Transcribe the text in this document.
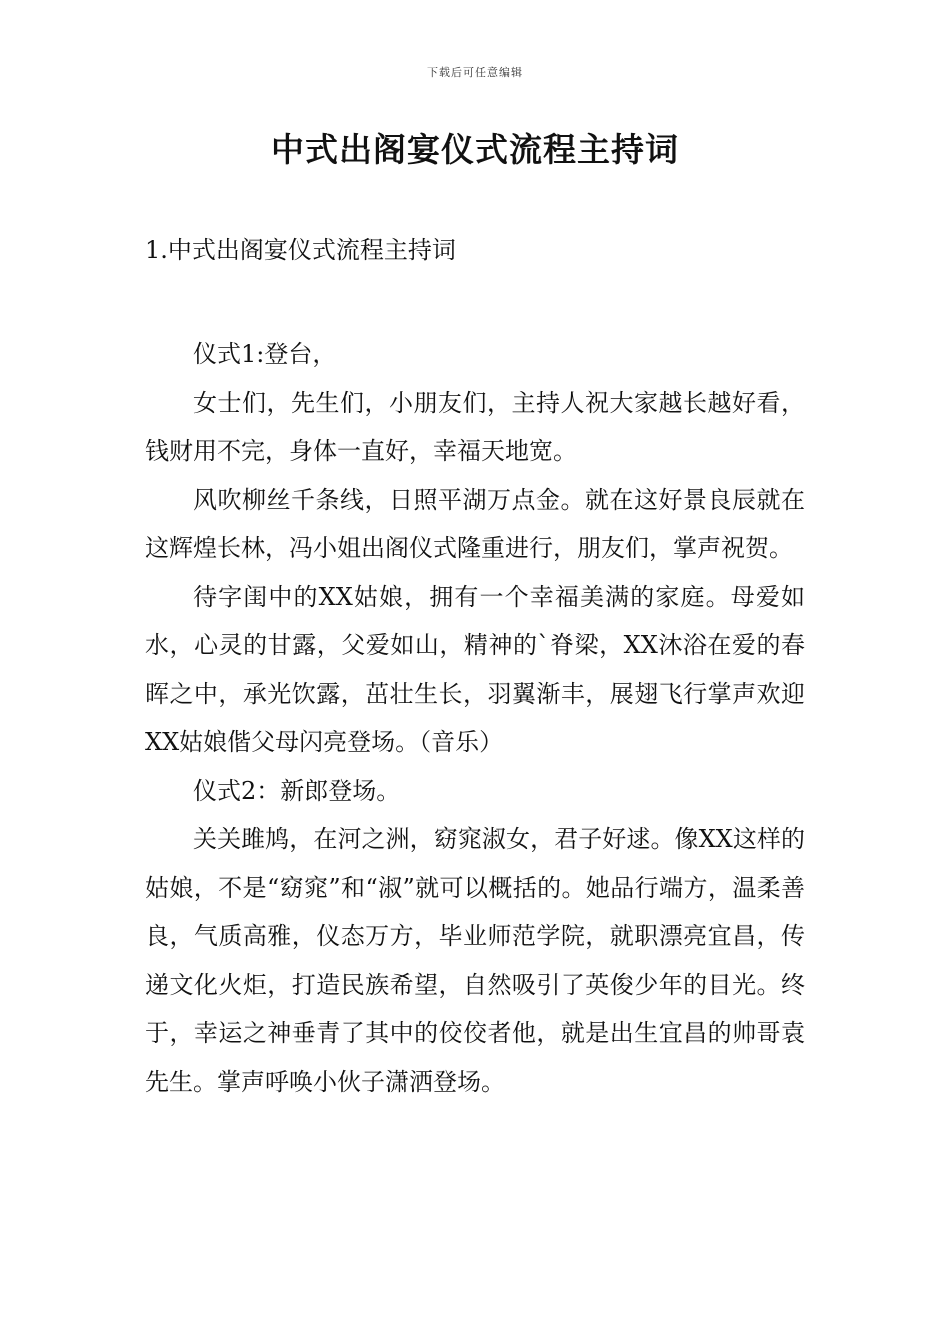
下载后可任意编辑
中式出阁宴仪式流程主持词
1.中式出阁宴仪式流程主持词

仪式1:登台，

女士们，先生们，小朋友们，主持人祝大家越长越好看，钱财用不完，身体一直好，幸福天地宽。

风吹柳丝千条线，日照平湖万点金。就在这好景良辰就在这辉煌长林，冯小姐出阁仪式隆重进行，朋友们，掌声祝贺。

待字闺中的XX姑娘，拥有一个幸福美满的家庭。母爱如水，心灵的甘露，父爱如山，精神的`脊梁，XX沐浴在爱的春晖之中，承光饮露，茁壮生长，羽翼渐丰，展翅飞行掌声欢迎XX姑娘偕父母闪亮登场。（音乐）

仪式2：新郎登场。

关关雎鸠，在河之洲，窈窕淑女，君子好逑。像XX这样的姑娘，不是“窈窕”和“淑”就可以概括的。她品行端方，温柔善良，气质高雅，仪态万方，毕业师范学院，就职漂亮宜昌，传递文化火炬，打造民族希望，自然吸引了英俊少年的目光。终于，幸运之神垂青了其中的佼佼者他，就是出生宜昌的帅哥袁先生。掌声呼唤小伙子潇洒登场。
